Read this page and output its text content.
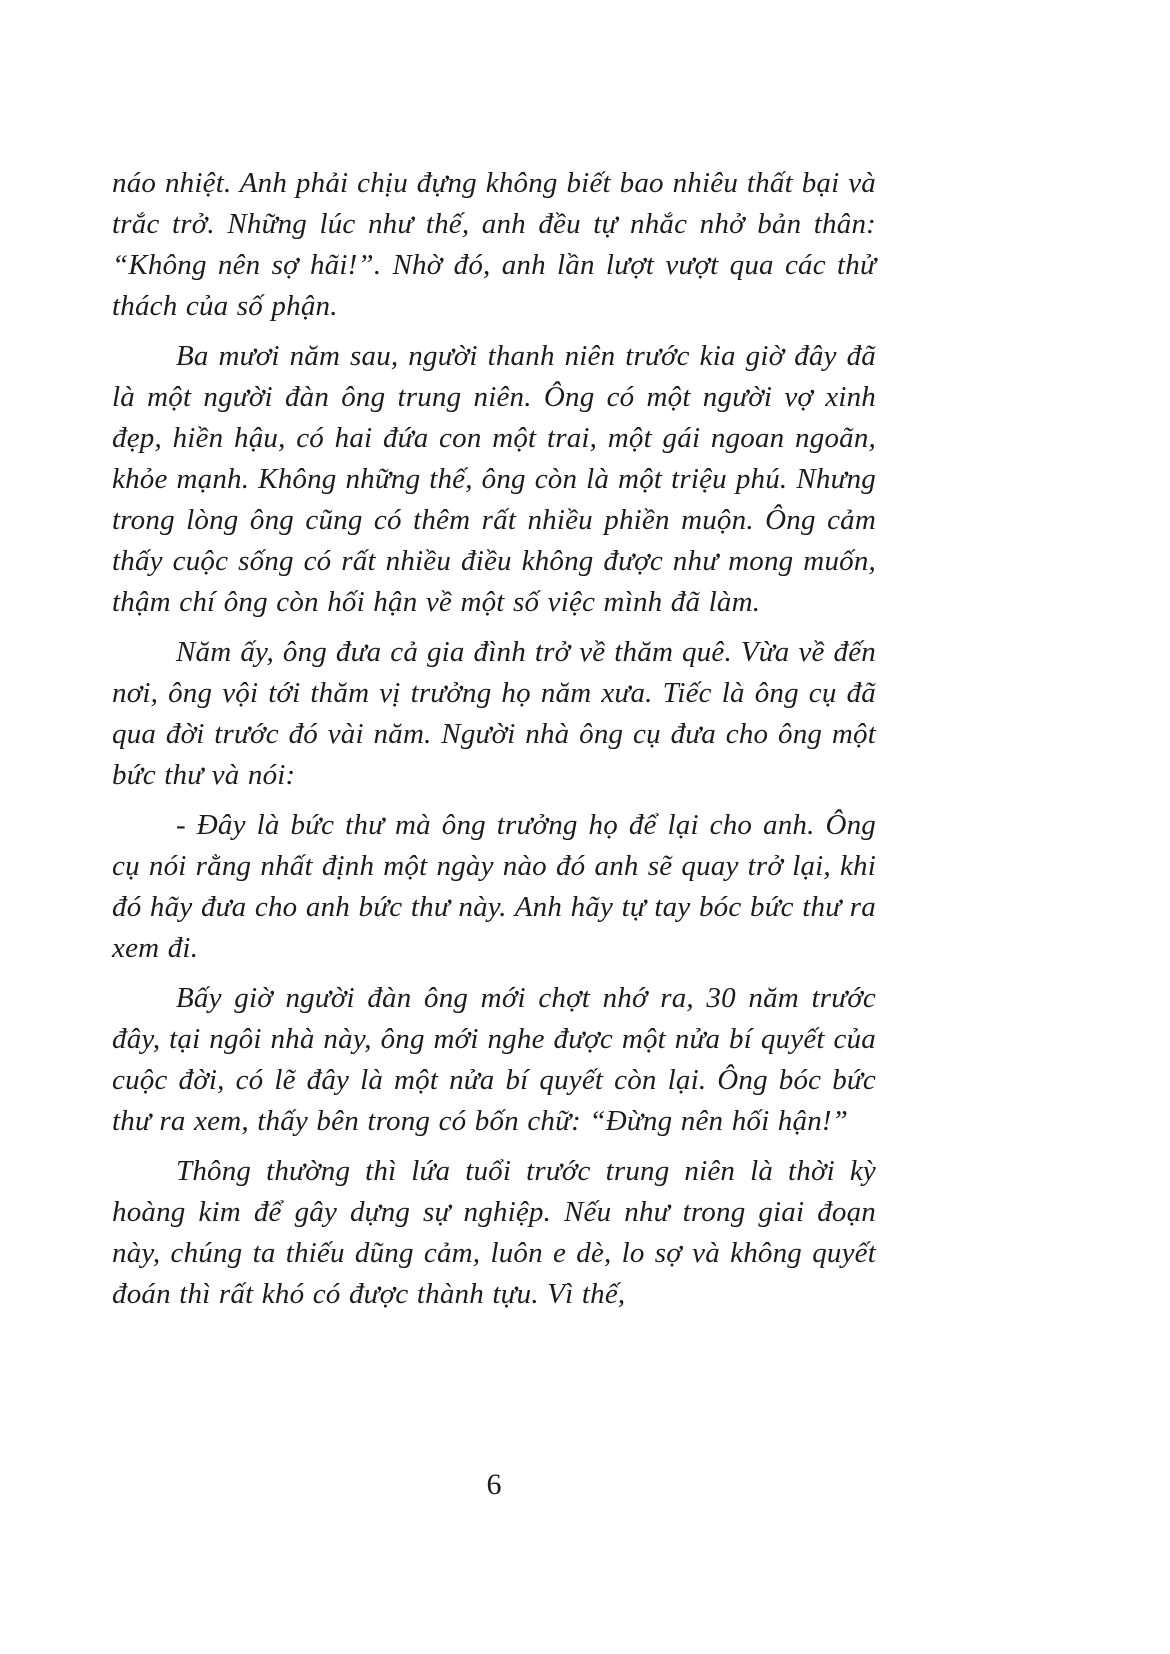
náo nhiệt. Anh phải chịu đựng không biết bao nhiêu thất bại và trắc trở. Những lúc như thế, anh đều tự nhắc nhở bản thân: “Không nên sợ hãi!”. Nhờ đó, anh lần lượt vượt qua các thử thách của số phận.

Ba mươi năm sau, người thanh niên trước kia giờ đây đã là một người đàn ông trung niên. Ông có một người vợ xinh đẹp, hiền hậu, có hai đứa con một trai, một gái ngoan ngoãn, khỏe mạnh. Không những thế, ông còn là một triệu phú. Nhưng trong lòng ông cũng có thêm rất nhiều phiền muộn. Ông cảm thấy cuộc sống có rất nhiều điều không được như mong muốn, thậm chí ông còn hối hận về một số việc mình đã làm.

Năm ấy, ông đưa cả gia đình trở về thăm quê. Vừa về đến nơi, ông vội tới thăm vị trưởng họ năm xưa. Tiếc là ông cụ đã qua đời trước đó vài năm. Người nhà ông cụ đưa cho ông một bức thư và nói:

- Đây là bức thư mà ông trưởng họ để lại cho anh. Ông cụ nói rằng nhất định một ngày nào đó anh sẽ quay trở lại, khi đó hãy đưa cho anh bức thư này. Anh hãy tự tay bóc bức thư ra xem đi.

Bấy giờ người đàn ông mới chợt nhớ ra, 30 năm trước đây, tại ngôi nhà này, ông mới nghe được một nửa bí quyết của cuộc đời, có lẽ đây là một nửa bí quyết còn lại. Ông bóc bức thư ra xem, thấy bên trong có bốn chữ: “Đừng nên hối hận!”

Thông thường thì lứa tuổi trước trung niên là thời kỳ hoàng kim để gây dựng sự nghiệp. Nếu như trong giai đoạn này, chúng ta thiếu dũng cảm, luôn e dè, lo sợ và không quyết đoán thì rất khó có được thành tựu. Vì thế,

6
